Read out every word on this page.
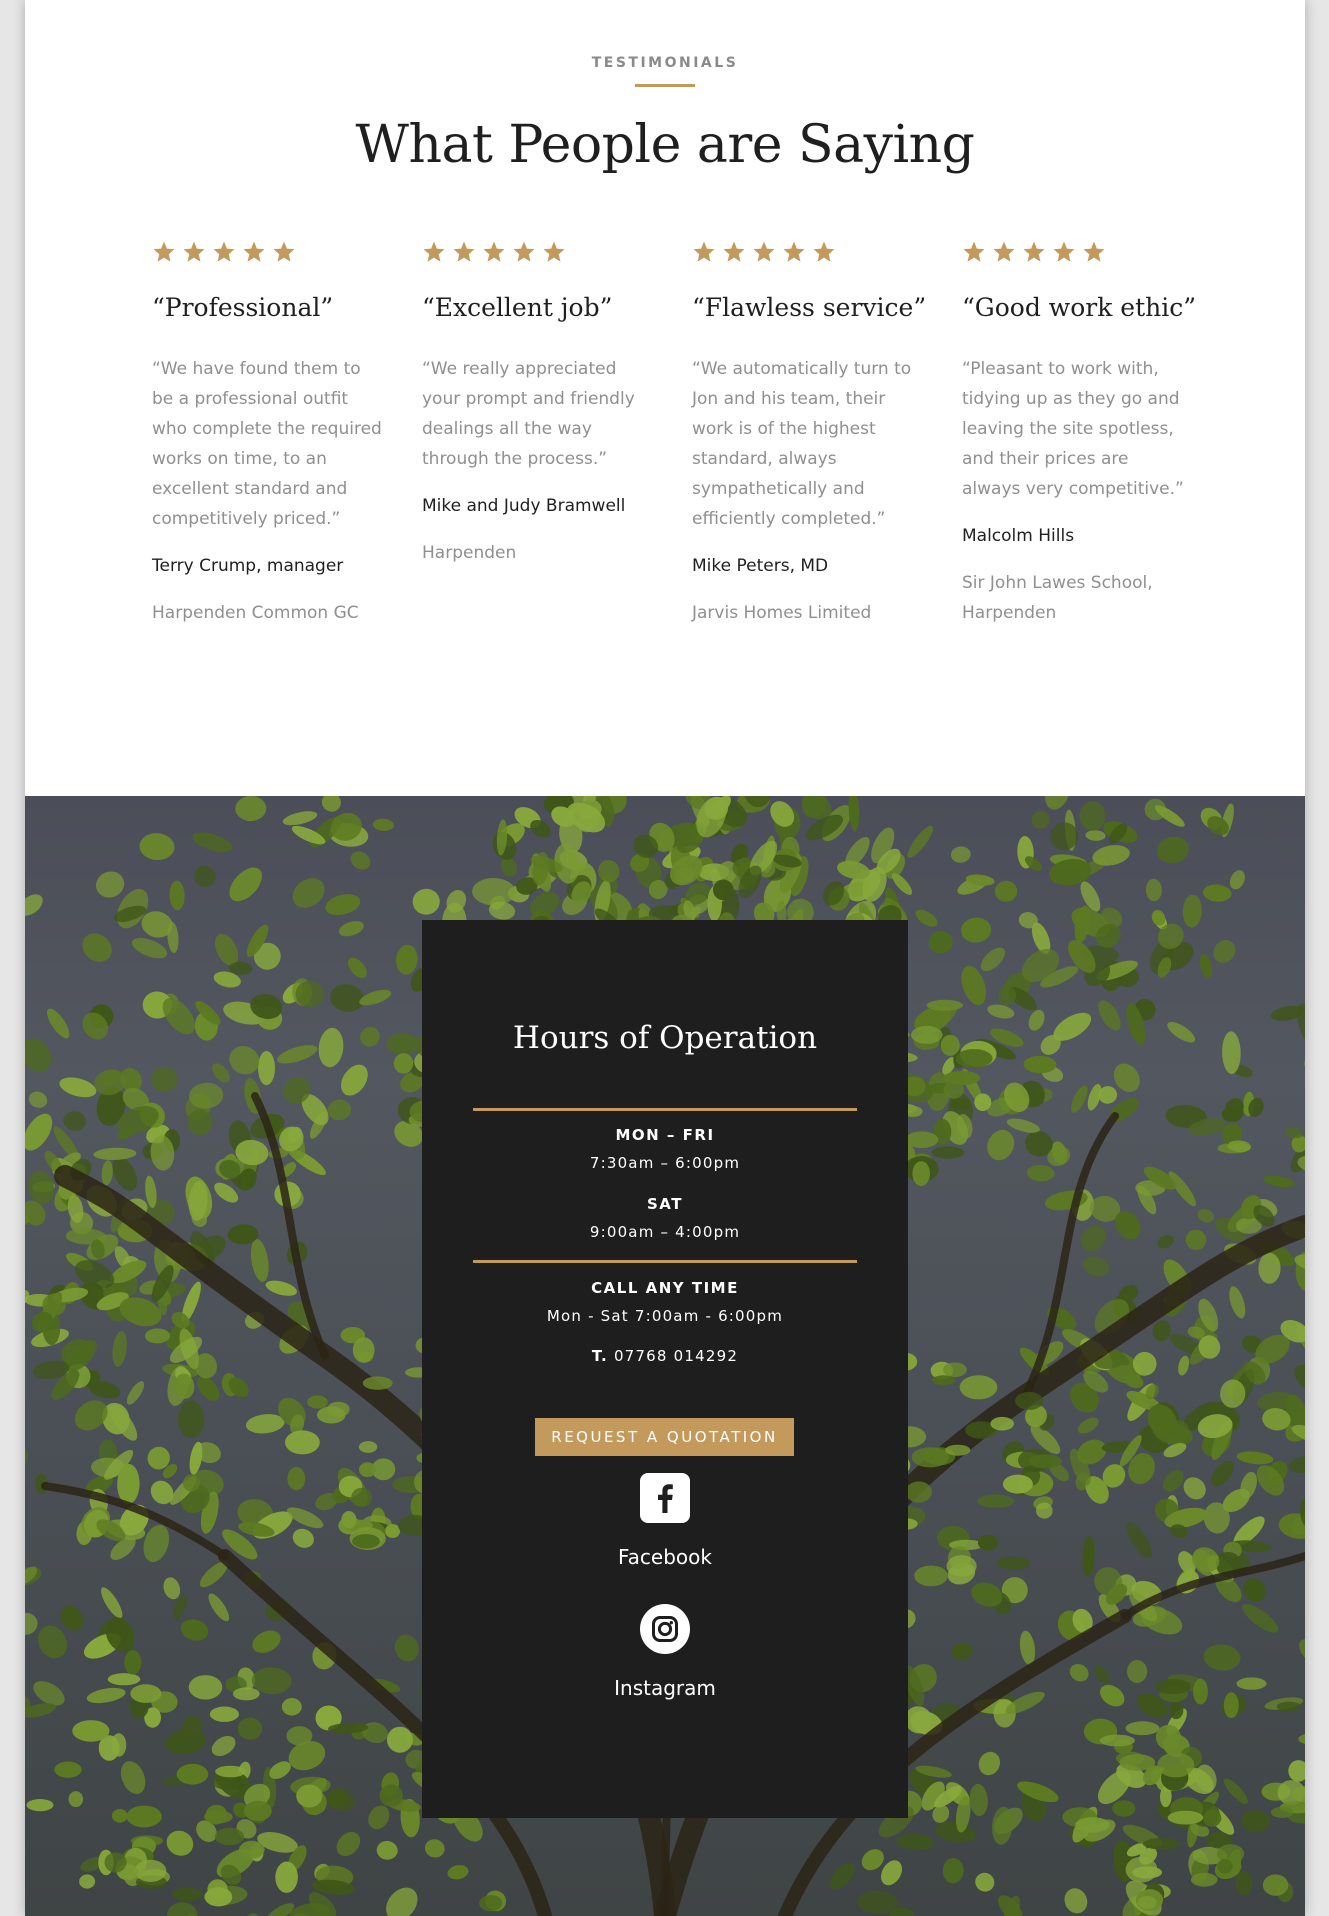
TESTIMONIALS
What People are Saying
“Professional”
“We have found them to be a professional outfit who complete the required works on time, to an excellent standard and competitively priced.”
Terry Crump, manager
Harpenden Common GC
“Excellent job”
“We really appreciated your prompt and friendly dealings all the way through the process.”
Mike and Judy Bramwell
Harpenden
“Flawless service”
“We automatically turn to Jon and his team, their work is of the highest standard, always sympathetically and efficiently completed.”
Mike Peters, MD
Jarvis Homes Limited
“Good work ethic”
“Pleasant to work with, tidying up as they go and leaving the site spotless, and their prices are always very competitive.”
Malcolm Hills
Sir John Lawes School, Harpenden
Hours of Operation
MON – FRI
7:30am – 6:00pm
SAT
9:00am – 4:00pm
CALL ANY TIME
Mon - Sat 7:00am - 6:00pm
T. 07768 014292
REQUEST A QUOTATION
Facebook
Instagram
